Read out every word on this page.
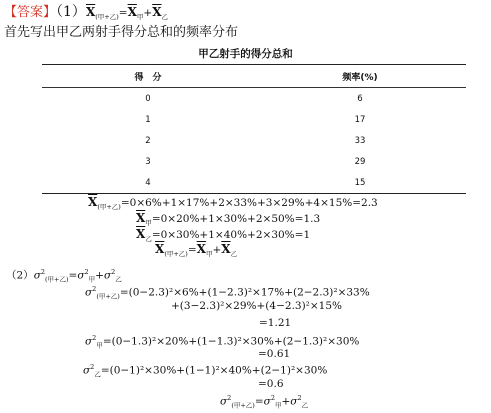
【答案】$(1)\overline{X}_{(甲+乙)}=\overline{X}_甲+\overline{X}_乙$
首先写出甲乙两射手得分总和的频率分布
甲乙射手的得分总和
得　分	频率(%)
0	6
1	17
2	33
3	29
4	15
$\overline{X}_{(甲+乙)}=0\times 6\%+1\times 17\%+2\times 33\%+3\times 29\%+4\times 15\%=2.3$
$\overline{X}_甲=0\times 20\%+1\times 30\%+2\times 50\%=1.3$
$\overline{X}_乙=0\times 30\%+1\times 40\%+2\times 30\%=1$
$\overline{X}_{(甲+乙)}=\overline{X}_甲+\overline{X}_乙$
$(2)\sigma^2_{(甲+乙)}=\sigma^2_甲+\sigma^2_乙$
$\sigma^2_{(甲+乙)}=(0-2.3)^2\times 6\%+(1-2.3)^2\times 17\%+(2-2.3)^2\times 33\%$
+(3−2.3)²×29%+(4−2.3)²×15%
=1.21
$\sigma^2_甲=(0-1.3)^2\times 20\%+(1-1.3)^2\times 30\%+(2-1.3)^2\times 30\%$
=0.61
$\sigma^2_乙=(0-1)^2\times 30\%+(1-1)^2\times 40\%+(2-1)^2\times 30\%$
=0.6
$\sigma^2_{(甲+乙)}=\sigma^2_甲+\sigma^2_乙$
